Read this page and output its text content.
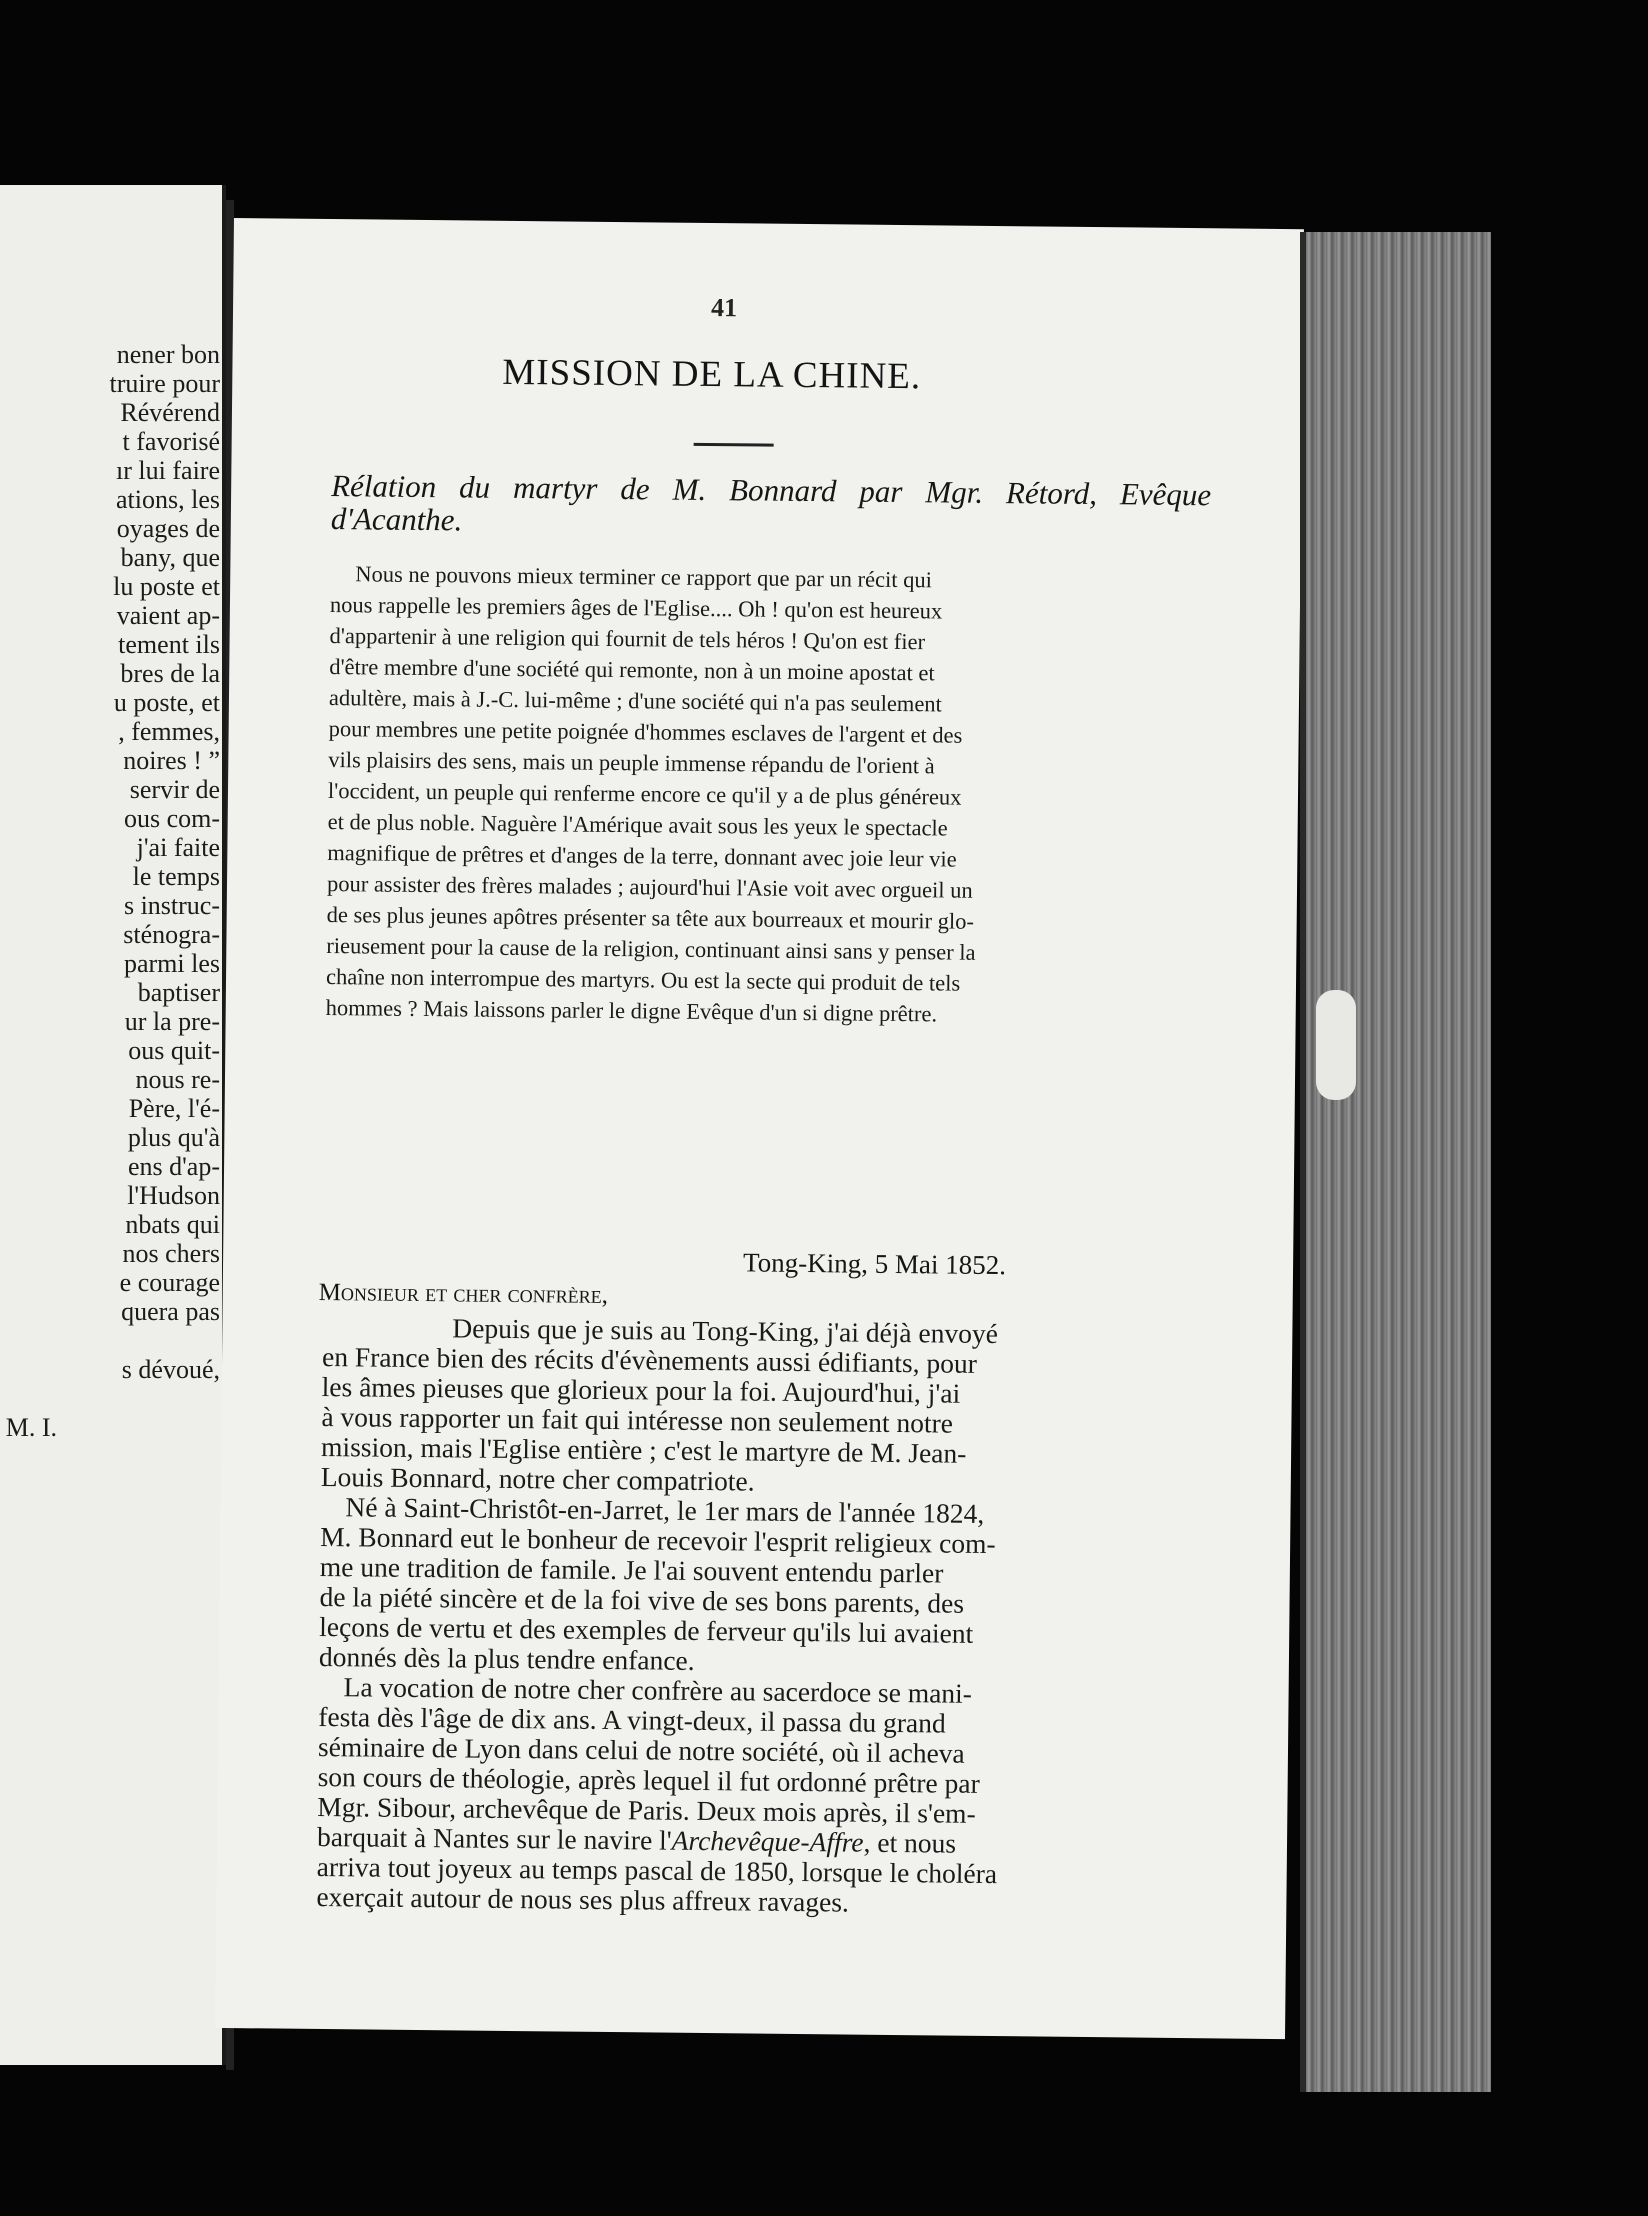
nener bon
truire pour
Révérend
t favorisé
ır lui faire
ations, les
oyages de
bany, que
lu poste et
vaient ap-
tement ils
bres de la
u poste, et
, femmes,
noires ! ”
servir de
ous com-
j'ai faite
le temps
s instruc-
sténogra-
parmi les
baptiser
ur la pre-
ous quit-
nous re-
Père, l'é-
plus qu'à
ens d'ap-
l'Hudson
nbats qui
nos chers
e courage
quera pas
s dévoué,
M. I.
41
MISSION DE LA CHINE.
Rélation du martyr de M. Bonnard par Mgr. Rétord, Evêque d'Acanthe.
Nous ne pouvons mieux terminer ce rapport que par un récit qui
nous rappelle les premiers âges de l'Eglise.... Oh ! qu'on est heureux
d'appartenir à une religion qui fournit de tels héros ! Qu'on est fier
d'être membre d'une société qui remonte, non à un moine apostat et
adultère, mais à J.-C. lui-même ; d'une société qui n'a pas seulement
pour membres une petite poignée d'hommes esclaves de l'argent et des
vils plaisirs des sens, mais un peuple immense répandu de l'orient à
l'occident, un peuple qui renferme encore ce qu'il y a de plus généreux
et de plus noble. Naguère l'Amérique avait sous les yeux le spectacle
magnifique de prêtres et d'anges de la terre, donnant avec joie leur vie
pour assister des frères malades ; aujourd'hui l'Asie voit avec orgueil un
de ses plus jeunes apôtres présenter sa tête aux bourreaux et mourir glo-
rieusement pour la cause de la religion, continuant ainsi sans y penser la
chaîne non interrompue des martyrs. Ou est la secte qui produit de tels
hommes ? Mais laissons parler le digne Evêque d'un si digne prêtre.
Tong-King, 5 Mai 1852.
Monsieur et cher confrère,
Depuis que je suis au Tong-King, j'ai déjà envoyé
en France bien des récits d'évènements aussi édifiants, pour
les âmes pieuses que glorieux pour la foi. Aujourd'hui, j'ai
à vous rapporter un fait qui intéresse non seulement notre
mission, mais l'Eglise entière ; c'est le martyre de M. Jean-
Louis Bonnard, notre cher compatriote.
Né à Saint-Christôt-en-Jarret, le 1er mars de l'année 1824,
M. Bonnard eut le bonheur de recevoir l'esprit religieux com-
me une tradition de famile. Je l'ai souvent entendu parler
de la piété sincère et de la foi vive de ses bons parents, des
leçons de vertu et des exemples de ferveur qu'ils lui avaient
donnés dès la plus tendre enfance.
La vocation de notre cher confrère au sacerdoce se mani-
festa dès l'âge de dix ans. A vingt-deux, il passa du grand
séminaire de Lyon dans celui de notre société, où il acheva
son cours de théologie, après lequel il fut ordonné prêtre par
Mgr. Sibour, archevêque de Paris. Deux mois après, il s'em-
barquait à Nantes sur le navire l'Archevêque-Affre, et nous
arriva tout joyeux au temps pascal de 1850, lorsque le choléra
exerçait autour de nous ses plus affreux ravages.
